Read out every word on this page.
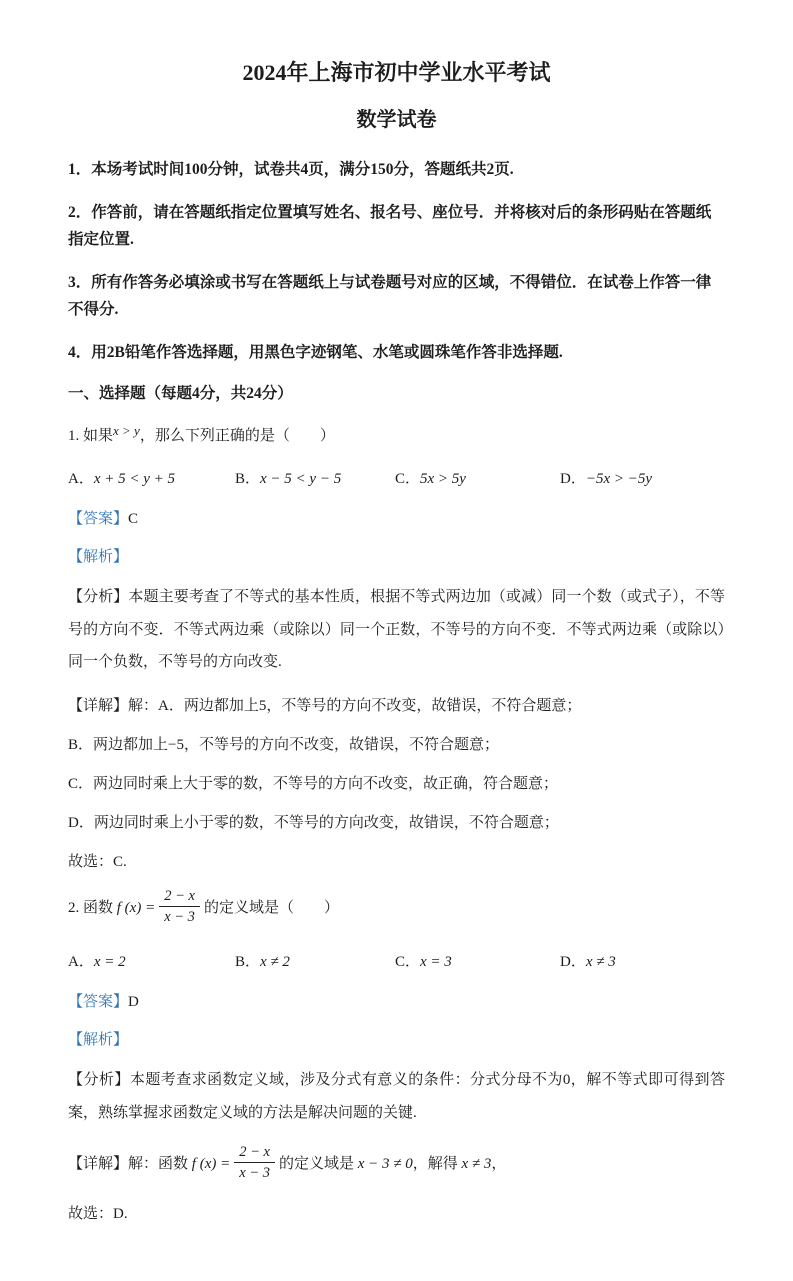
2024年上海市初中学业水平考试
数学试卷

1．本场考试时间100分钟，试卷共4页，满分150分，答题纸共2页.

2．作答前，请在答题纸指定位置填写姓名、报名号、座位号．并将核对后的条形码贴在答题纸指定位置.

3．所有作答务必填涂或书写在答题纸上与试卷题号对应的区域，不得错位．在试卷上作答一律不得分.

4．用2B铅笔作答选择题，用黑色字迹钢笔、水笔或圆珠笔作答非选择题.

一、选择题（每题4分，共24分）

1. 如果x > y，那么下列正确的是（　　）

A．x + 5 < y + 5	B．x − 5 < y − 5	C．5x > 5y	D．−5x > −5y

【答案】C

【解析】

【分析】本题主要考查了不等式的基本性质，根据不等式两边加（或减）同一个数（或式子），不等号的方向不变．不等式两边乘（或除以）同一个正数，不等号的方向不变．不等式两边乘（或除以）同一个负数，不等号的方向改变.

【详解】解：A．两边都加上5，不等号的方向不改变，故错误，不符合题意；

B．两边都加上−5，不等号的方向不改变，故错误，不符合题意；

C．两边同时乘上大于零的数，不等号的方向不改变，故正确，符合题意；

D．两边同时乘上小于零的数，不等号的方向改变，故错误，不符合题意；

故选：C.

2. 函数 f $(x) = \frac{2 - x}{x - 3}$ 的定义域是（　　）

A．x = 2	B．x ≠ 2	C．x = 3	D．x ≠ 3

【答案】D

【解析】

【分析】本题考查求函数定义域，涉及分式有意义的条件：分式分母不为0，解不等式即可得到答案，熟练掌握求函数定义域的方法是解决问题的关键.

【详解】解：函数 f $(x) = \frac{2 - x}{x - 3}$ 的定义域是 x − 3 ≠ 0，解得 x ≠ 3，

故选：D.
